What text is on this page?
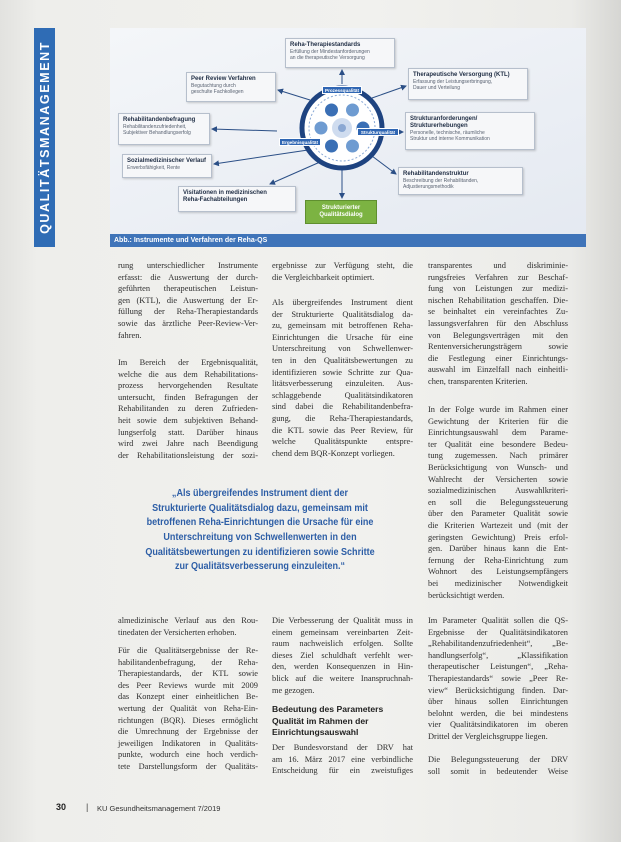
QUALITÄTSMANAGEMENT	Reha-Therapiestandards
Erfüllung der Mindestanforderungen
an die therapeutische Versorgung
Peer Review Verfahren
Begutachtung durch
geschulte Fachkollegen
Therapeutische Versorgung (KTL)
Erfassung der Leistungserbringung,
Dauer und Verteilung
Rehabilitandenbefragung
Rehabilitandenzufriedenheit,
Subjektiver Behandlungserfolg
Strukturanforderungen/
Strukturerhebungen
Personelle, technische, räumliche
Struktur und interne Kommunikation
Sozialmedizinischer Verlauf
Erwerbsfähigkeit, Rente
Rehabilitandenstruktur
Beschreibung der Rehabilitanden,
Adjustierungsmethodik
Visitationen in medizinischen
Reha-Fachabteilungen
Strukturierter
Qualitätsdialog
Prozessqualität
Ergebnisqualität
Strukturqualität
Abb.: Instrumente und Verfahren der Reha-QS
rung unterschiedlicher Instrumente
erfasst: die Auswertung der durch-
geführten therapeutischen Leistun-
gen (KTL), die Auswertung der Er-
füllung der Reha-Therapiestandards
sowie das ärztliche Peer-Review-Ver-
fahren.
Im Bereich der Ergebnisqualität,
welche die aus dem Rehabilitations-
prozess hervorgehenden Resultate
untersucht, finden Befragungen der
Rehabilitanden zu deren Zufrieden-
heit sowie dem subjektiven Behand-
lungserfolg statt. Darüber hinaus
wird zwei Jahre nach Beendigung
der Rehabilitationsleistung der sozi-
ergebnisse zur Verfügung steht, die
die Vergleichbarkeit optimiert.
Als übergreifendes Instrument dient
der Strukturierte Qualitätsdialog da-
zu, gemeinsam mit betroffenen Reha-
Einrichtungen die Ursache für eine
Unterschreitung von Schwellenwer-
ten in den Qualitätsbewertungen zu
identifizieren sowie Schritte zur Qua-
litätsverbesserung einzuleiten. Aus-
schlaggebende Qualitätsindikatoren
sind dabei die Rehabilitandenbefra-
gung, die Reha-Therapiestandards,
die KTL sowie das Peer Review, für
welche Qualitätspunkte entspre-
chend dem BQR-Konzept vorliegen.
transparentes und diskriminie-
rungsfreies Verfahren zur Beschaf-
fung von Leistungen zur medizi-
nischen Rehabilitation geschaffen. Die-
se beinhaltet ein vereinfachtes Zu-
lassungsverfahren für den Abschluss
von Belegungsverträgen mit den
Rentenversicherungsträgern sowie
die Festlegung einer Einrichtungs-
auswahl im Einzelfall nach einheitli-
chen, transparenten Kriterien.
In der Folge wurde im Rahmen einer
Gewichtung der Kriterien für die
Einrichtungsauswahl dem Parame-
ter Qualität eine besondere Bedeu-
tung zugemessen. Nach primärer
Berücksichtigung von Wunsch- und
Wahlrecht der Versicherten sowie
sozialmedizinischen Auswahlkriteri-
en soll die Belegungssteuerung
über den Parameter Qualität sowie
die Kriterien Wartezeit und (mit der
geringsten Gewichtung) Preis erfol-
gen. Darüber hinaus kann die Ent-
fernung der Reha-Einrichtung zum
Wohnort des Leistungsempfängers
bei medizinischer Notwendigkeit
berücksichtigt werden.
„Als übergreifendes Instrument dient der
Strukturierte Qualitätsdialog dazu, gemeinsam mit
betroffenen Reha-Einrichtungen die Ursache für eine
Unterschreitung von Schwellenwerten in den
Qualitätsbewertungen zu identifizieren sowie Schritte
zur Qualitätsverbesserung einzuleiten.“
almedizinische Verlauf aus den Rou-
tinedaten der Versicherten erhoben.
Für die Qualitätsergebnisse der Re-
habilitandenbefragung, der Reha-
Therapiestandards, der KTL sowie
des Peer Reviews wurde mit 2009
das Konzept einer einheitlichen Be-
wertung der Qualität von Reha-Ein-
richtungen (BQR). Dieses ermöglicht
die Umrechnung der Ergebnisse der
jeweiligen Indikatoren in Qualitäts-
punkte, wodurch eine hoch verdich-
tete Darstellungsform der Qualitäts-
Die Verbesserung der Qualität muss in
einem gemeinsam vereinbarten Zeit-
raum nachweislich erfolgen. Sollte
dieses Ziel schuldhaft verfehlt wer-
den, werden Konsequenzen in Hin-
blick auf die weitere Inanspruchnah-
me gezogen.
Bedeutung des Parameters
Qualität im Rahmen der
Einrichtungsauswahl
Der Bundesvorstand der DRV hat
am 16. März 2017 eine verbindliche
Entscheidung für ein zweistufiges
Im Parameter Qualität sollen die QS-
Ergebnisse der Qualitätsindikatoren
„Rehabilitandenzufriedenheit“, „Be-
handlungserfolg“, „Klassifikation
therapeutischer Leistungen“, „Reha-
Therapiestandards“ sowie „Peer Re-
view“ Berücksichtigung finden. Dar-
über hinaus sollen Einrichtungen
belohnt werden, die bei mindestens
vier Qualitätsindikatoren im oberen
Drittel der Vergleichsgruppe liegen.
Die Belegungssteuerung der DRV
soll somit in bedeutender Weise
30 | KU Gesundheitsmanagement 7/2019
